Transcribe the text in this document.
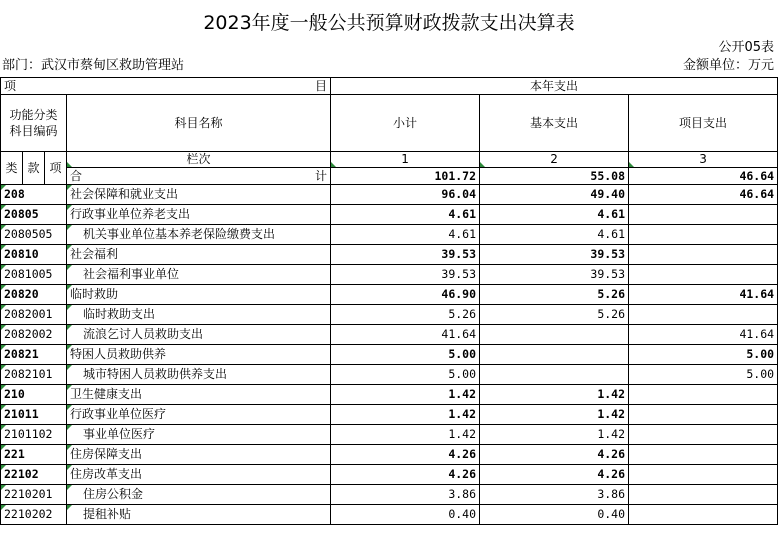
2023年度一般公共预算财政拨款支出决算表
公开05表
部门：武汉市蔡甸区救助管理站	金额单位：万元
项 目				本年支出		

功能分类
科目编码			科目名称	小计	基本支出	项目支出
类	款	项	栏次	1	2	3

			合 计	101.72	55.08	46.64
208			社会保障和就业支出	96.04	49.40	46.64
20805			行政事业单位养老支出	4.61	4.61	
2080505			机关事业单位基本养老保险缴费支出	4.61	4.61	
20810			社会福利	39.53	39.53	
2081005			社会福利事业单位	39.53	39.53	
20820			临时救助	46.90	5.26	41.64
2082001			临时救助支出	5.26	5.26	
2082002			流浪乞讨人员救助支出	41.64		41.64
20821			特困人员救助供养	5.00		5.00
2082101			城市特困人员救助供养支出	5.00		5.00
210			卫生健康支出	1.42	1.42	
21011			行政事业单位医疗	1.42	1.42	
2101102			事业单位医疗	1.42	1.42	
221			住房保障支出	4.26	4.26	
22102			住房改革支出	4.26	4.26	
2210201			住房公积金	3.86	3.86	
2210202			提租补贴	0.40	0.40	
